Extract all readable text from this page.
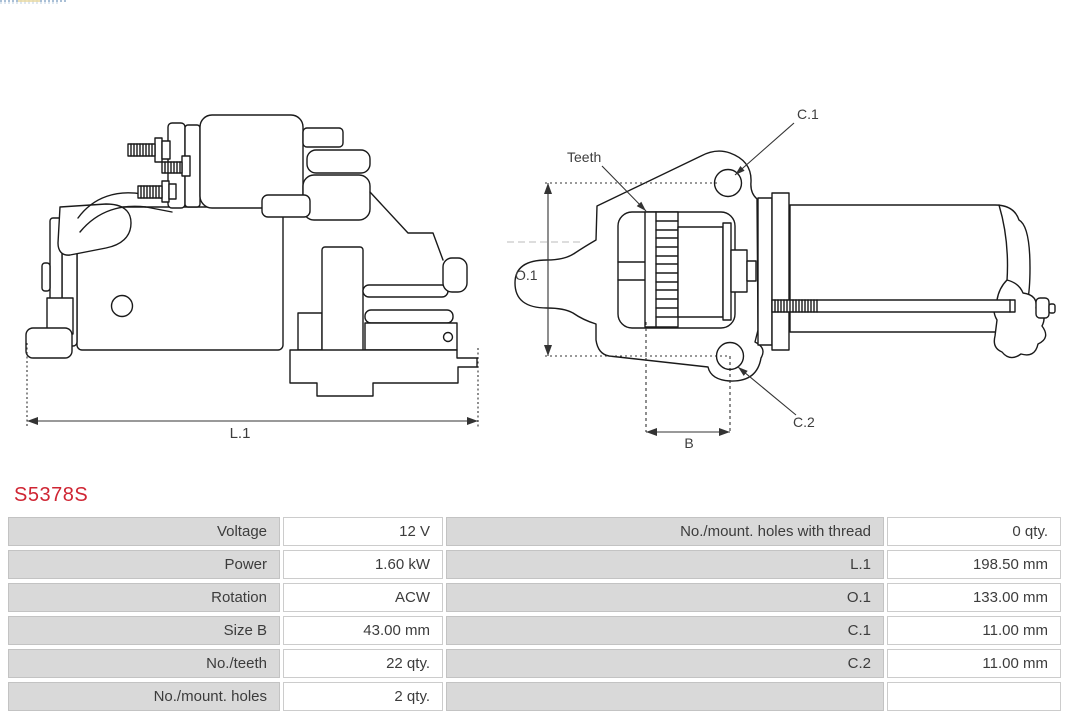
L.1
Teeth
C.1
O.1
C.2
B
S5378S
Voltage	12 V	No./mount. holes with thread	0 qty.
Power	1.60 kW	L.1	198.50 mm
Rotation	ACW	O.1	133.00 mm
Size B	43.00 mm	C.1	11.00 mm
No./teeth	22 qty.	C.2	11.00 mm
No./mount. holes	2 qty.
